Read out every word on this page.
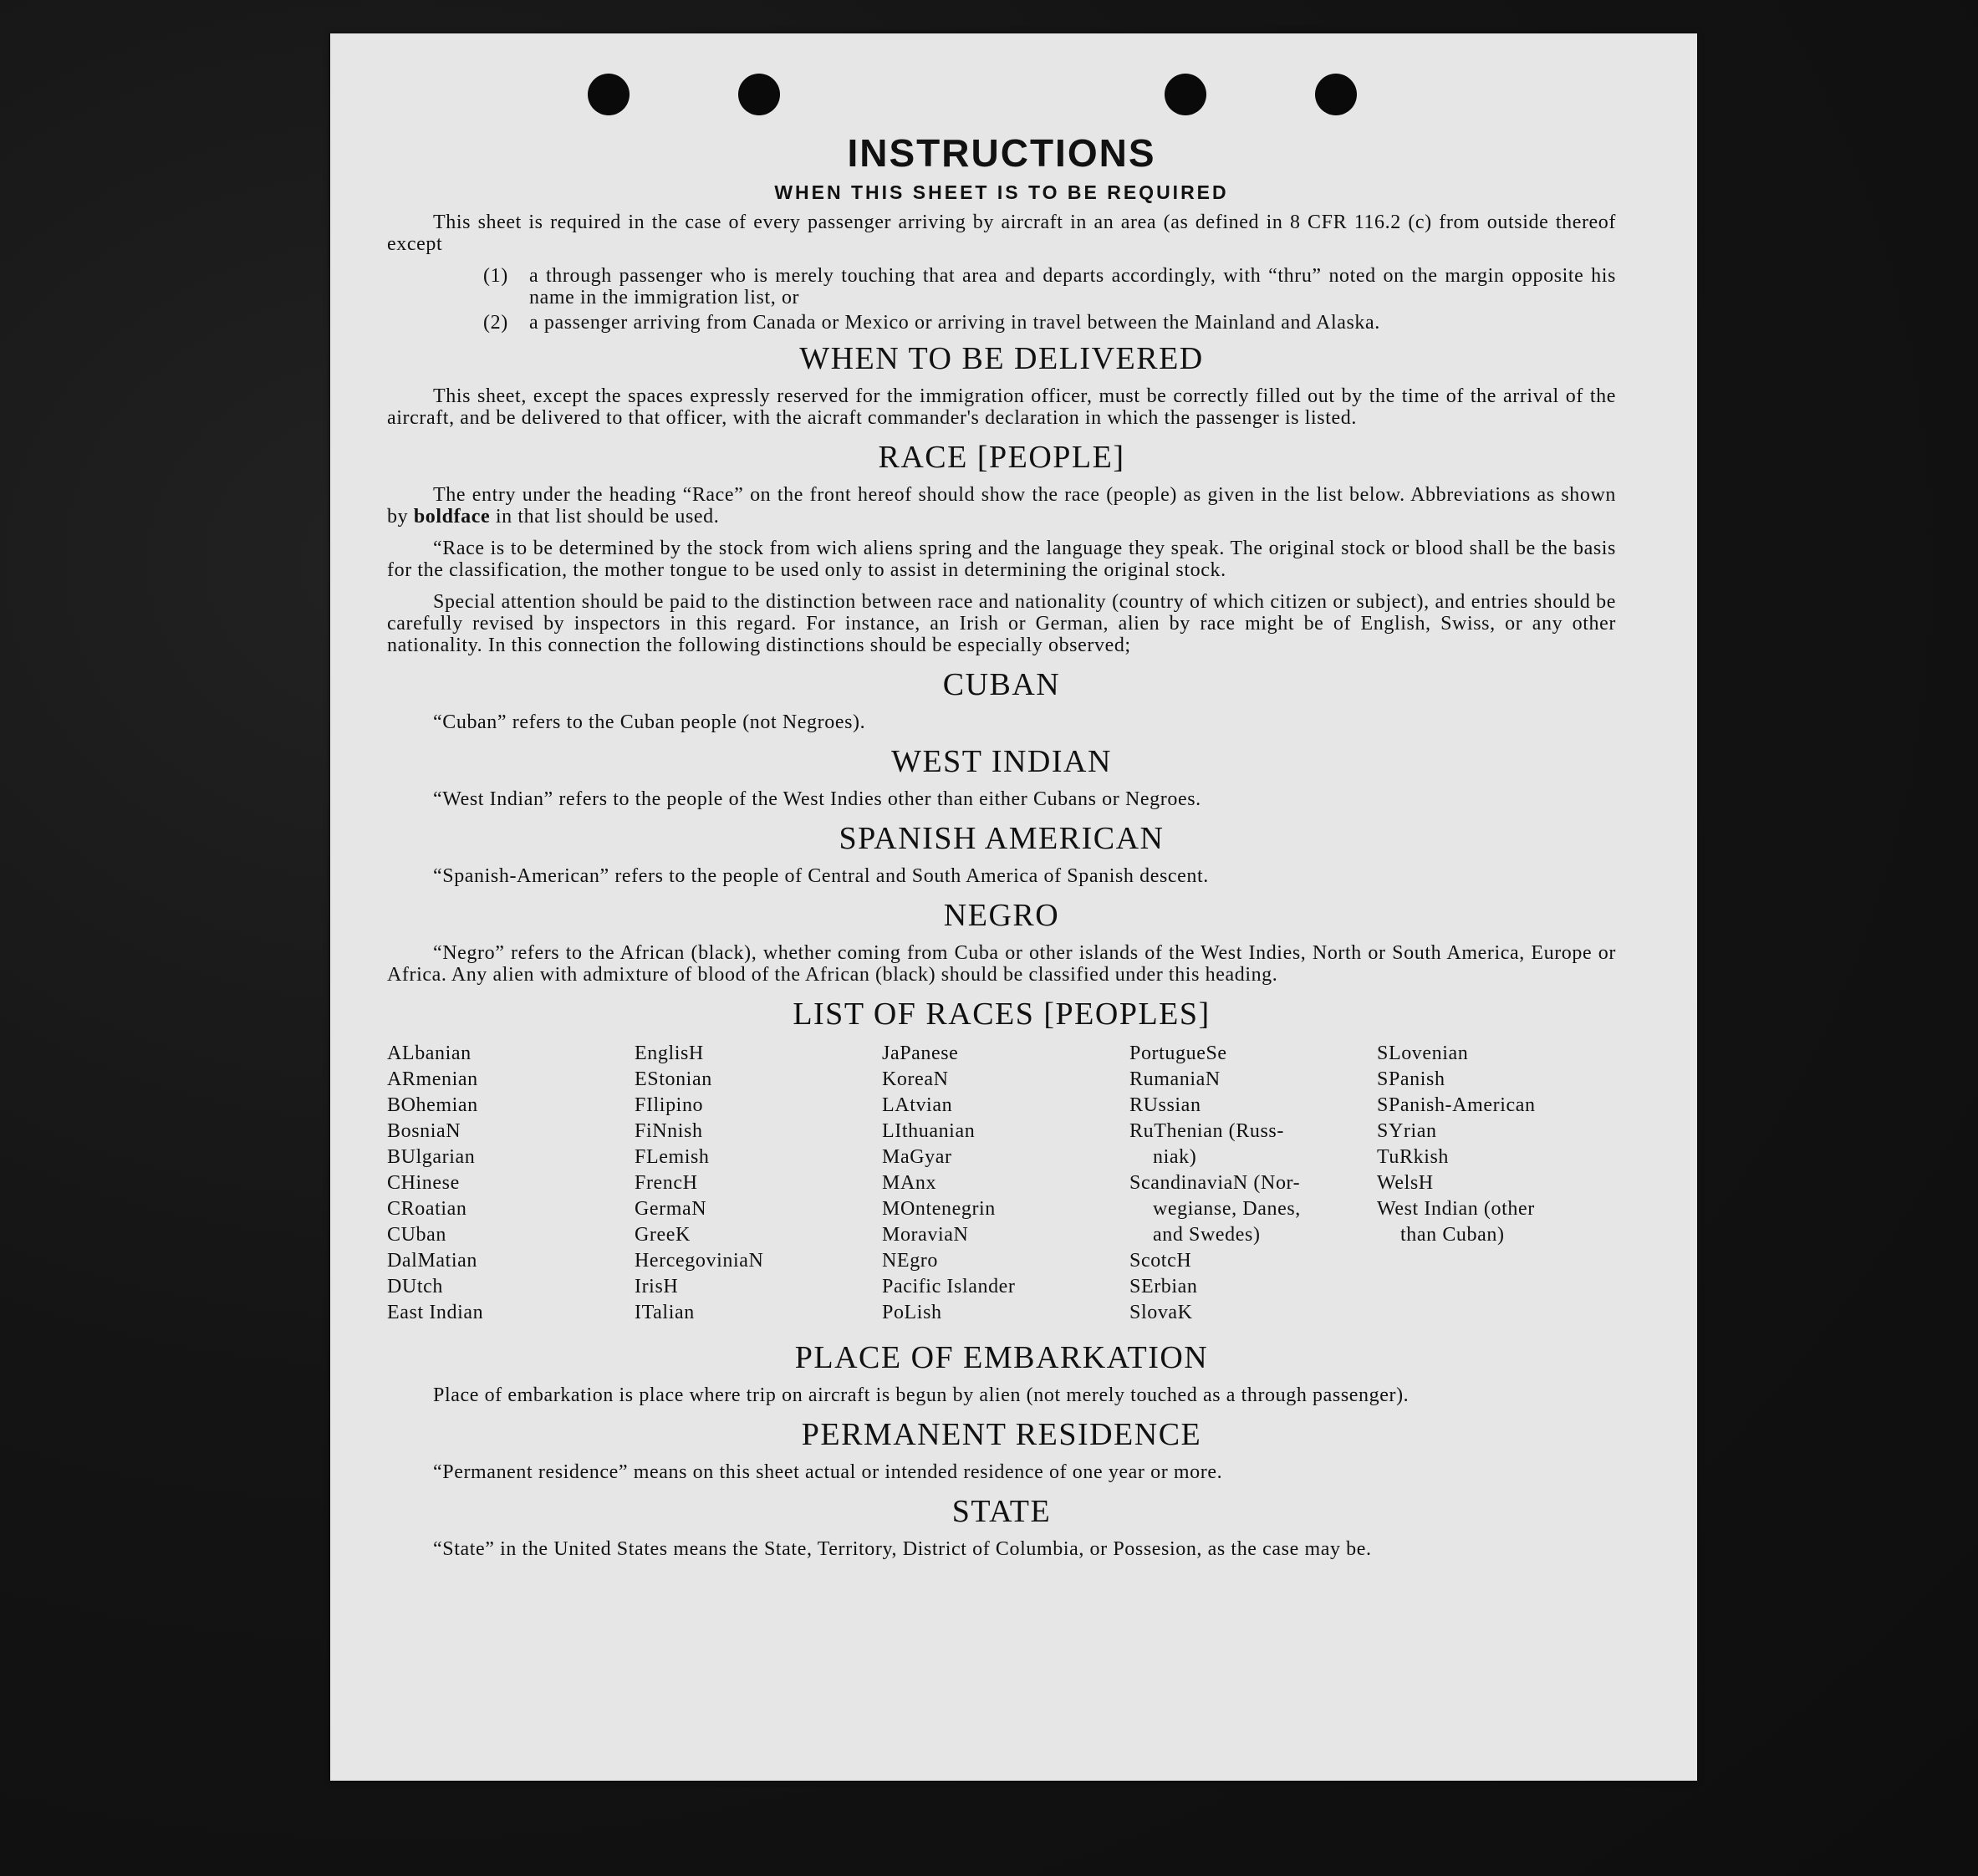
INSTRUCTIONS
WHEN THIS SHEET IS TO BE REQUIRED

This sheet is required in the case of every passenger arriving by aircraft in an area (as defined in 8 CFR 116.2 (c) from outside thereof except

(1)	a through passenger who is merely touching that area and departs accordingly, with “thru” noted on the margin opposite his name in the immigration list, or
(2)	a passenger arriving from Canada or Mexico or arriving in travel between the Mainland and Alaska.
WHEN TO BE DELIVERED

This sheet, except the spaces expressly reserved for the immigration officer, must be correctly filled out by the time of the arrival of the aircraft, and be delivered to that officer, with the aicraft commander's declaration in which the passenger is listed.

RACE [PEOPLE]

The entry under the heading “Race” on the front hereof should show the race (people) as given in the list below. Abbreviations as shown by boldface in that list should be used.

“Race is to be determined by the stock from wich aliens spring and the language they speak. The original stock or blood shall be the basis for the classification, the mother tongue to be used only to assist in determining the original stock.

Special attention should be paid to the distinction between race and nationality (country of which citizen or subject), and entries should be carefully revised by inspectors in this regard. For instance, an Irish or German, alien by race might be of English, Swiss, or any other nationality. In this connection the following distinctions should be especially observed;

CUBAN

“Cuban” refers to the Cuban people (not Negroes).

WEST INDIAN

“West Indian” refers to the people of the West Indies other than either Cubans or Negroes.

SPANISH AMERICAN

“Spanish-American” refers to the people of Central and South America of Spanish descent.

NEGRO

“Negro” refers to the African (black), whether coming from Cuba or other islands of the West Indies, North or South America, Europe or Africa. Any alien with admixture of blood of the African (black) should be classified under this heading.

LIST OF RACES [PEOPLES]
ALbanian
ARmenian
BOhemian
BosniaN
BUlgarian
CHinese
CRoatian
CUban
DalMatian
DUtch
East Indian
EnglisH
EStonian
FIlipino
FiNnish
FLemish
FrencH
GermaN
GreeK
HercegoviniaN
IrisH
ITalian
JaPanese
KoreaN
LAtvian
LIthuanian
MaGyar
MAnx
MOntenegrin
MoraviaN
NEgro
Pacific Islander
PoLish
PortugueSe
RumaniaN
RUssian
RuThenian (Russ-
niak)
ScandinaviaN (Nor-
wegianse, Danes,
and Swedes)
ScotcH
SErbian
SlovaK
SLovenian
SPanish
SPanish-American
SYrian
TuRkish
WelsH
West Indian (other
than Cuban)
PLACE OF EMBARKATION

Place of embarkation is place where trip on aircraft is begun by alien (not merely touched as a through passenger).

PERMANENT RESIDENCE

“Permanent residence” means on this sheet actual or intended residence of one year or more.

STATE

“State” in the United States means the State, Territory, District of Columbia, or Possesion, as the case may be.
